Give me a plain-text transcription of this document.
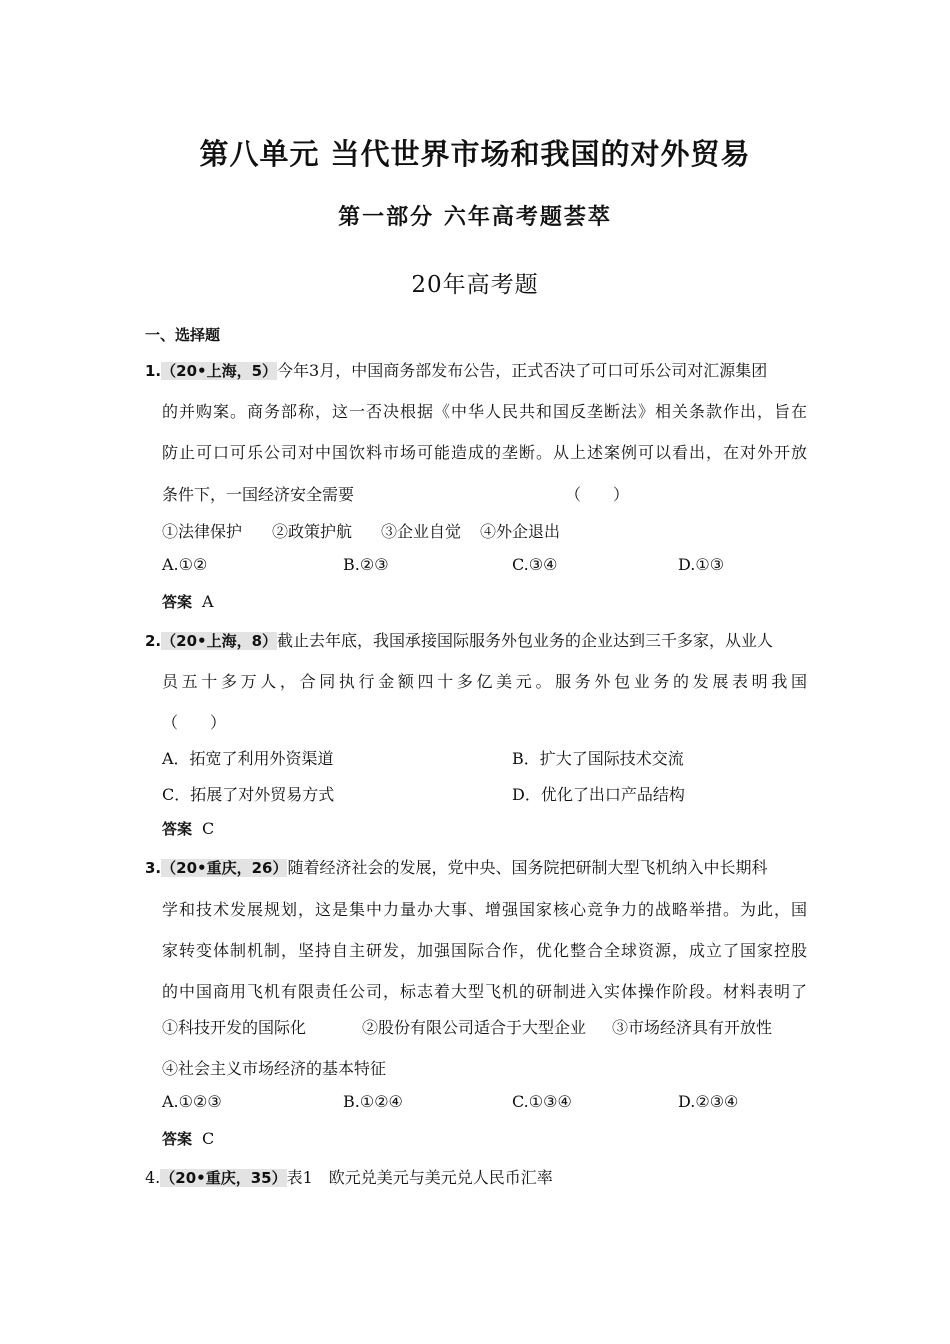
第八单元 当代世界市场和我国的对外贸易
第一部分 六年高考题荟萃
20年高考题
一、选择题
1.（20•上海，5）今年3月，中国商务部发布公告，正式否决了可口可乐公司对汇源集团
的并购案。商务部称，这一否决根据《中华人民共和国反垄断法》相关条款作出，旨在
防止可口可乐公司对中国饮料市场可能造成的垄断。从上述案例可以看出，在对外开放
条件下，一国经济安全需要	（　　）
①法律保护 ②政策护航 ③企业自觉 ④外企退出
A.①②	B.②③	C.③④	D.①③
答案 A
2.（20•上海，8）截止去年底，我国承接国际服务外包业务的企业达到三千多家，从业人
员五十多万人，合同执行金额四十多亿美元。服务外包业务的发展表明我国
（　　）
A．拓宽了利用外资渠道	B．扩大了国际技术交流
C．拓展了对外贸易方式	D．优化了出口产品结构
答案 C
3.（20•重庆，26）随着经济社会的发展，党中央、国务院把研制大型飞机纳入中长期科
学和技术发展规划，这是集中力量办大事、增强国家核心竞争力的战略举措。为此，国
家转变体制机制，坚持自主研发，加强国际合作，优化整合全球资源，成立了国家控股
的中国商用飞机有限责任公司，标志着大型飞机的研制进入实体操作阶段。材料表明了
①科技开发的国际化	②股份有限公司适合于大型企业 ③市场经济具有开放性
④社会主义市场经济的基本特征
A.①②③	B.①②④	C.①③④	D.②③④
答案 C
4.（20•重庆，35）表1　欧元兑美元与美元兑人民币汇率
